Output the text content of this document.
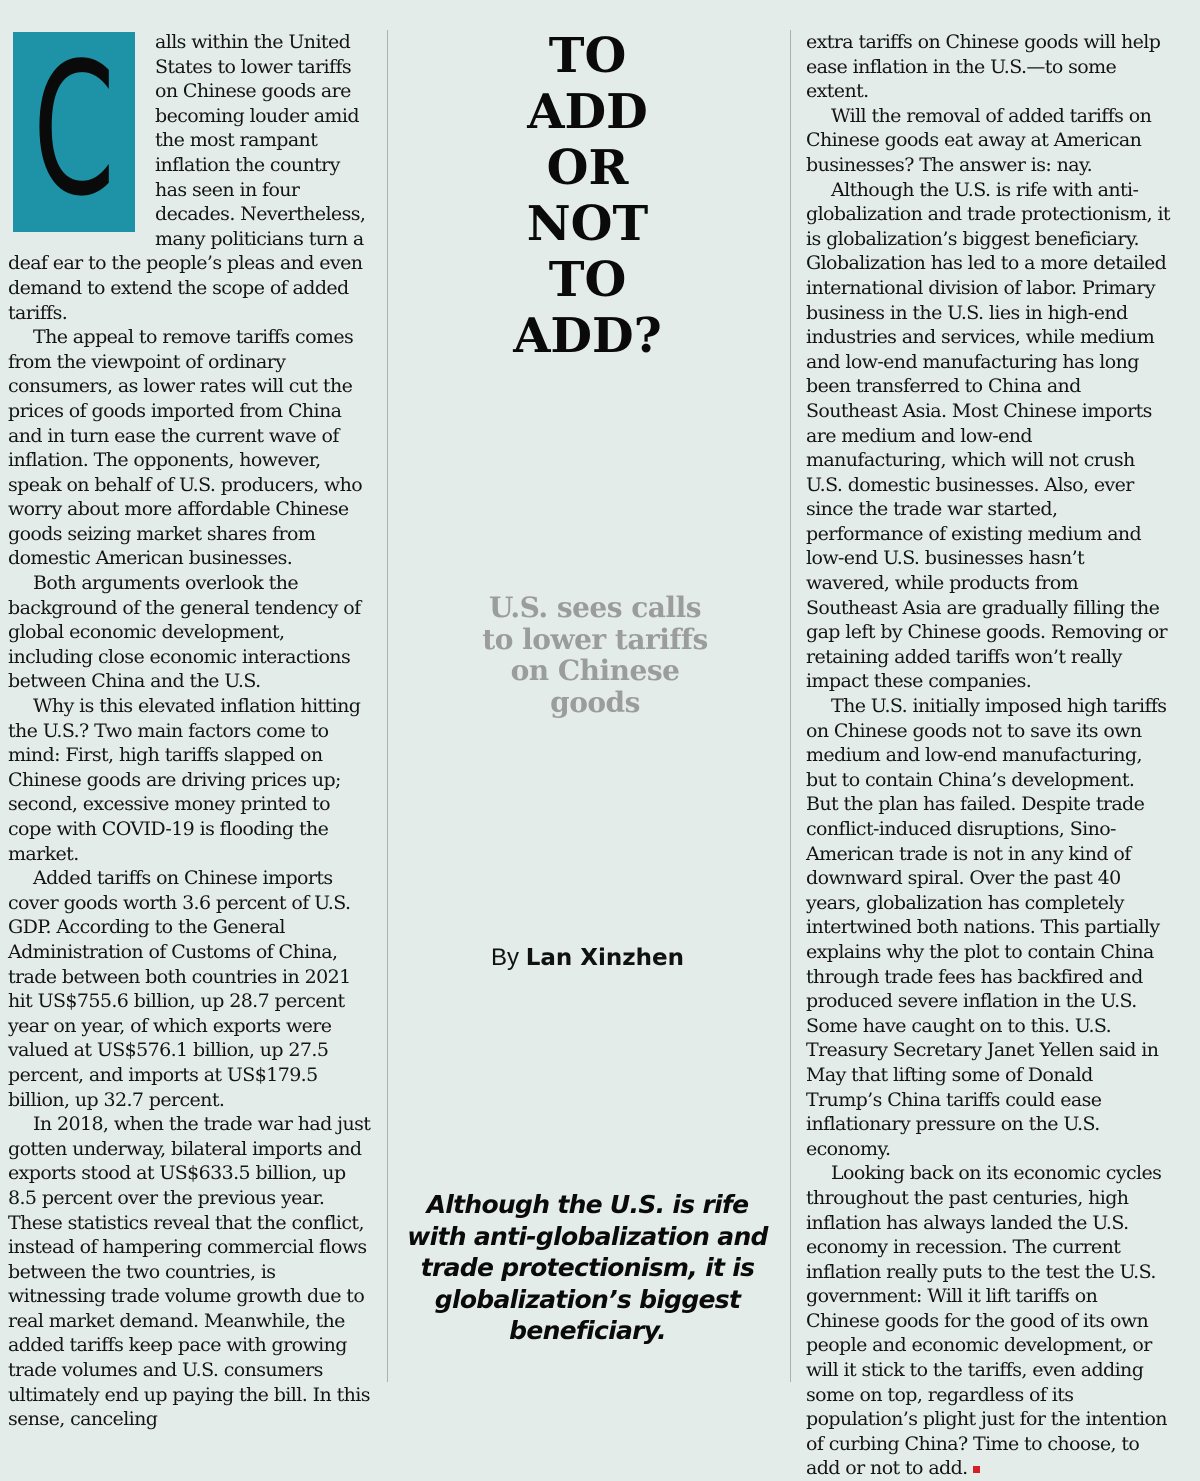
C	alls within the United States to lower tariffs on Chinese goods are becoming louder amid the most rampant inflation the country has seen in four decades. Nevertheless, many politicians turn a deaf ear to the people’s pleas and even demand to extend the scope of added tariffs.

The appeal to remove tariffs comes from the viewpoint of ordinary consumers, as lower rates will cut the prices of goods imported from China and in turn ease the current wave of inflation. The opponents, however, speak on behalf of U.S. producers, who worry about more affordable Chinese goods seizing market shares from domestic American businesses.

Both arguments overlook the background of the general tendency of global economic development, including close economic interactions between China and the U.S.

Why is this elevated inflation hitting the U.S.? Two main factors come to mind: First, high tariffs slapped on Chinese goods are driving prices up; second, excessive money printed to cope with COVID-19 is flooding the market.

Added tariffs on Chinese imports cover goods worth 3.6 percent of U.S. GDP. According to the General Administration of Customs of China, trade between both countries in 2021 hit US$755.6 billion, up 28.7 percent year on year, of which exports were valued at US$576.1 billion, up 27.5 percent, and imports at US$179.5 billion, up 32.7 percent.

In 2018, when the trade war had just gotten underway, bilateral imports and exports stood at US$633.5 billion, up 8.5 percent over the previous year. These statistics reveal that the conflict, instead of hampering commercial flows between the two countries, is witnessing trade volume growth due to real market demand. Meanwhile, the added tariffs keep pace with growing trade volumes and U.S. consumers ultimately end up paying the bill. In this sense, canceling

TO
ADD
OR
NOT
TO
ADD?
U.S. sees calls to lower tariffs on Chinese goods
By Lan Xinzhen
Although the U.S. is rife with anti-globalization and trade protectionism, it is globalization’s biggest beneficiary.

extra tariffs on Chinese goods will help ease inflation in the U.S.—to some extent.

Will the removal of added tariffs on Chinese goods eat away at American businesses? The answer is: nay.

Although the U.S. is rife with anti-globalization and trade protectionism, it is globalization’s biggest beneficiary. Globalization has led to a more detailed international division of labor. Primary business in the U.S. lies in high-end industries and services, while medium and low-end manufacturing has long been transferred to China and Southeast Asia. Most Chinese imports are medium and low-end manufacturing, which will not crush U.S. domestic businesses. Also, ever since the trade war started, performance of existing medium and low-end U.S. businesses hasn’t wavered, while products from Southeast Asia are gradually filling the gap left by Chinese goods. Removing or retaining added tariffs won’t really impact these companies.

The U.S. initially imposed high tariffs on Chinese goods not to save its own medium and low-end manufacturing, but to contain China’s development. But the plan has failed. Despite trade conflict-induced disruptions, Sino-American trade is not in any kind of downward spiral. Over the past 40 years, globalization has completely intertwined both nations. This partially explains why the plot to contain China through trade fees has backfired and produced severe inflation in the U.S. Some have caught on to this. U.S. Treasury Secretary Janet Yellen said in May that lifting some of Donald Trump’s China tariffs could ease inflationary pressure on the U.S. economy.

Looking back on its economic cycles throughout the past centuries, high inflation has always landed the U.S. economy in recession. The current inflation really puts to the test the U.S. government: Will it lift tariffs on Chinese goods for the good of its own people and economic development, or will it stick to the tariffs, even adding some on top, regardless of its population’s plight just for the intention of curbing China? Time to choose, to add or not to add.
